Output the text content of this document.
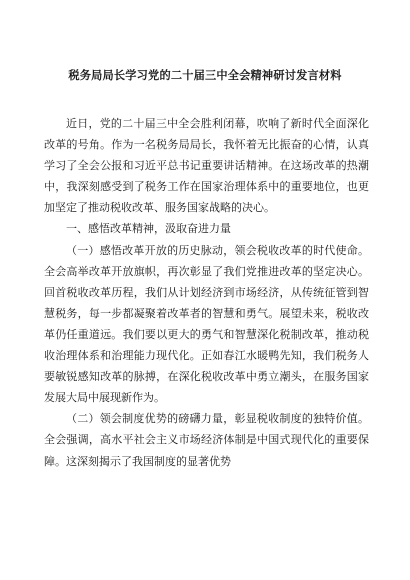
税务局局长学习党的二十届三中全会精神研讨发言材料

近日，党的二十届三中全会胜利闭幕，吹响了新时代全面深化改革的号角。作为一名税务局局长，我怀着无比振奋的心情，认真学习了全会公报和习近平总书记重要讲话精神。在这场改革的热潮中，我深刻感受到了税务工作在国家治理体系中的重要地位，也更加坚定了推动税收改革、服务国家战略的决心。

一、感悟改革精神，汲取奋进力量

（一）感悟改革开放的历史脉动，领会税收改革的时代使命。全会高举改革开放旗帜，再次彰显了我们党推进改革的坚定决心。回首税收改革历程，我们从计划经济到市场经济，从传统征管到智慧税务，每一步都凝聚着改革者的智慧和勇气。展望未来，税收改革仍任重道远。我们要以更大的勇气和智慧深化税制改革，推动税收治理体系和治理能力现代化。正如春江水暖鸭先知，我们税务人要敏锐感知改革的脉搏，在深化税收改革中勇立潮头，在服务国家发展大局中展现新作为。

（二）领会制度优势的磅礴力量，彰显税收制度的独特价值。全会强调，高水平社会主义市场经济体制是中国式现代化的重要保障。这深刻揭示了我国制度的显著优势
